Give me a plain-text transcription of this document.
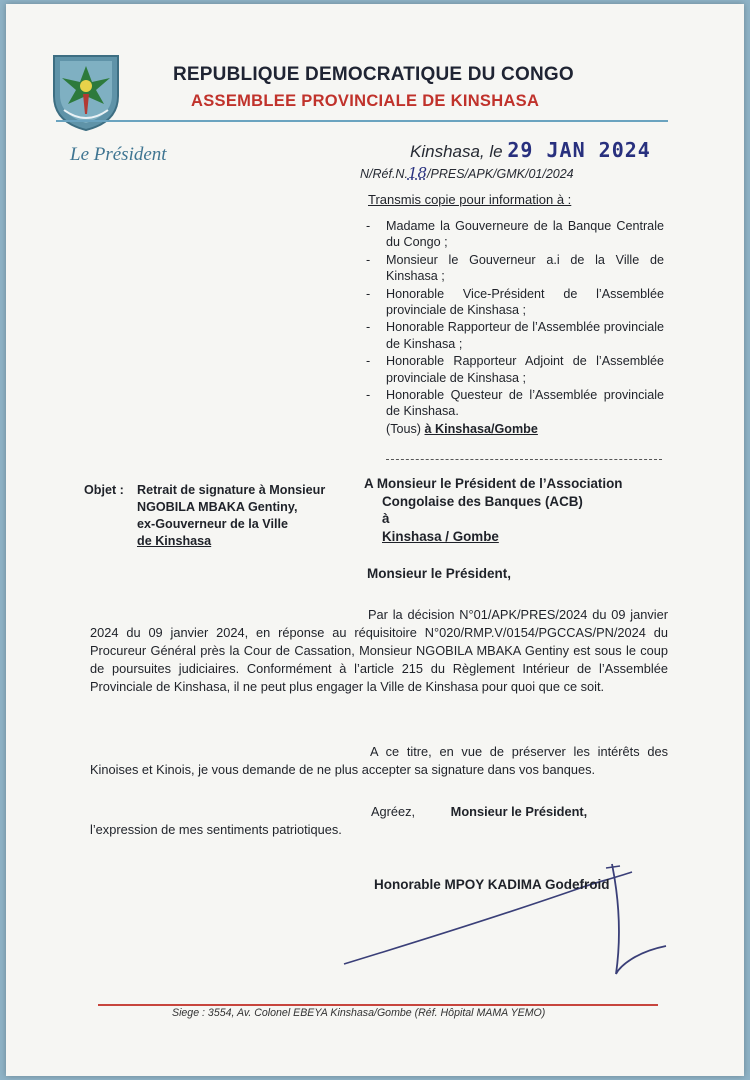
REPUBLIQUE DEMOCRATIQUE DU CONGO
ASSEMBLEE PROVINCIALE DE KINSHASA
Le Président	Kinshasa, le 29 JAN 2024
N/Réf.N.18/PRES/APK/GMK/01/2024
Transmis copie pour information à :
- Madame la Gouverneure de la Banque Centrale du Congo ;
- Monsieur le Gouverneur a.i de la Ville de Kinshasa ;
- Honorable Vice-Président de l’Assemblée provinciale de Kinshasa ;
- Honorable Rapporteur de l’Assemblée provinciale de Kinshasa ;
- Honorable Rapporteur Adjoint de l’Assemblée provinciale de Kinshasa ;
- Honorable Questeur de l’Assemblée provinciale de Kinshasa.
(Tous) à Kinshasa/Gombe
Objet : Retrait de signature à Monsieur
NGOBILA MBAKA Gentiny,
ex-Gouverneur de la Ville
de Kinshasa
A Monsieur le Président de l’Association
Congolaise des Banques (ACB)
à
Kinshasa / Gombe
Monsieur le Président,
Par la décision N°01/APK/PRES/2024 du 09 janvier 2024 du 09 janvier 2024, en réponse au réquisitoire N°020/RMP.V/0154/PGCCAS/PN/2024 du Procureur Général près la Cour de Cassation, Monsieur NGOBILA MBAKA Gentiny est sous le coup de poursuites judiciaires. Conformément à l’article 215 du Règlement Intérieur de l’Assemblée Provinciale de Kinshasa, il ne peut plus engager la Ville de Kinshasa pour quoi que ce soit.
A ce titre, en vue de préserver les intérêts des Kinoises et Kinois, je vous demande de ne plus accepter sa signature dans vos banques.
Agréez,	Monsieur le Président,
l’expression de mes sentiments patriotiques.
Honorable MPOY KADIMA Godefroid
Siege : 3554, Av. Colonel EBEYA Kinshasa/Gombe (Réf. Hôpital MAMA YEMO)
